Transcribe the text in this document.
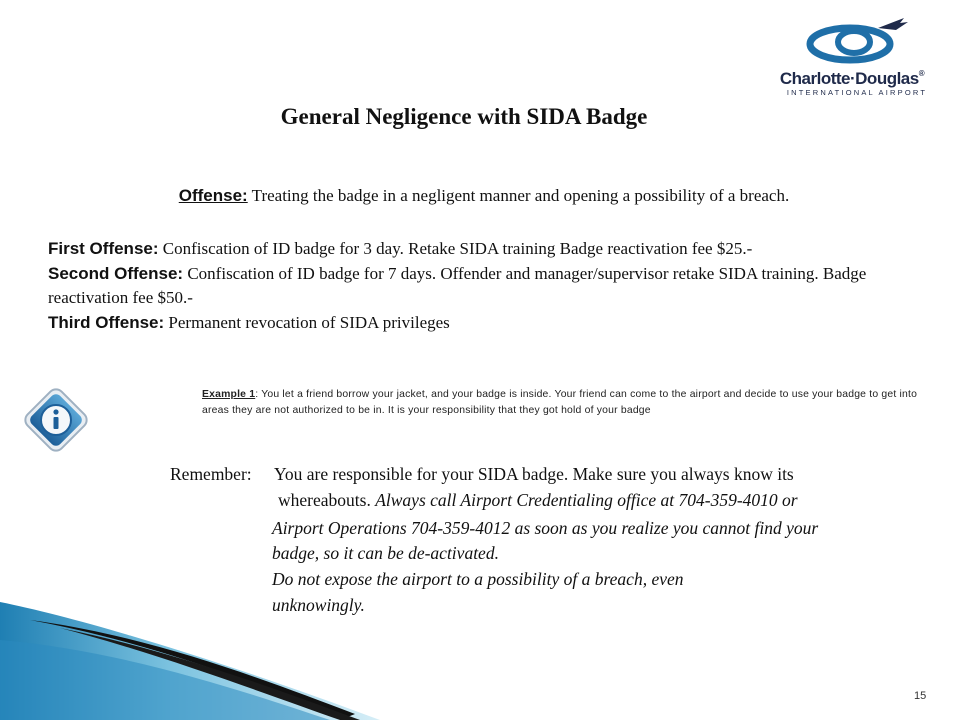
Charlotte·Douglas®
INTERNATIONAL AIRPORT
General Negligence with SIDA Badge
Offense: Treating the badge in a negligent manner and opening a possibility of a breach.
First Offense: Confiscation of ID badge for 3 day. Retake SIDA training Badge reactivation fee $25.-
Second Offense: Confiscation of ID badge for 7 days. Offender and manager/supervisor retake SIDA training. Badge reactivation fee $50.-
Third Offense: Permanent revocation of SIDA privileges
Example 1: You let a friend borrow your jacket, and your badge is inside. Your friend can come to the airport and decide to use your badge to get into areas they are not authorized to be in. It is your responsibility that they got hold of your badge
Remember: You are responsible for your SIDA badge. Make sure you always know its
whereabouts. Always call Airport Credentialing office at 704-359-4010 or
Airport Operations 704-359-4012 as soon as you realize you cannot find your
badge, so it can be de-activated.
Do not expose the airport to a possibility of a breach, even
unknowingly.
15
